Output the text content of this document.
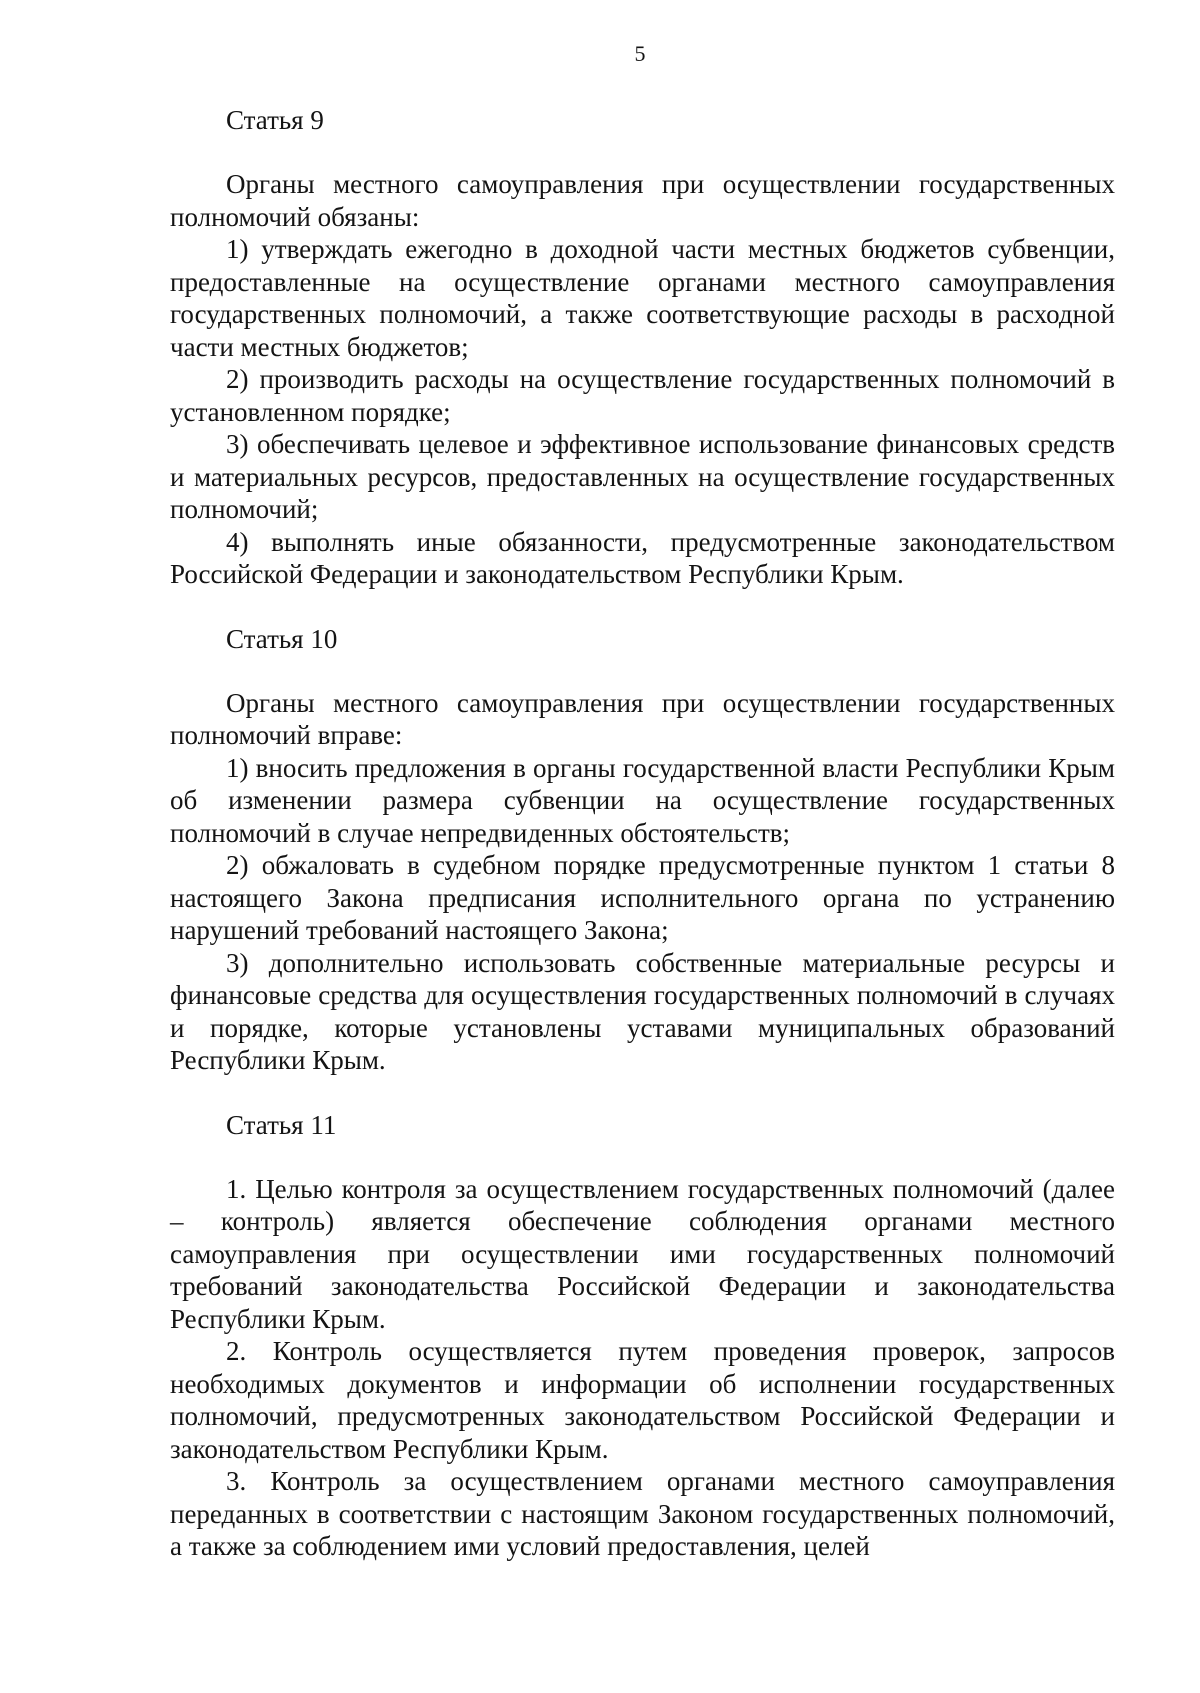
5
Статья 9

Органы местного самоуправления при осуществлении государственных полномочий обязаны:

1) утверждать ежегодно в доходной части местных бюджетов субвенции, предоставленные на осуществление органами местного самоуправления государственных полномочий, а также соответствующие расходы в расходной части местных бюджетов;

2) производить расходы на осуществление государственных полномочий в установленном порядке;

3) обеспечивать целевое и эффективное использование финансовых средств и материальных ресурсов, предоставленных на осуществление государственных полномочий;

4) выполнять иные обязанности, предусмотренные законодательством Российской Федерации и законодательством Республики Крым.

Статья 10

Органы местного самоуправления при осуществлении государственных полномочий вправе:

1) вносить предложения в органы государственной власти Республики Крым об изменении размера субвенции на осуществление государственных полномочий в случае непредвиденных обстоятельств;

2) обжаловать в судебном порядке предусмотренные пунктом 1 статьи 8 настоящего Закона предписания исполнительного органа по устранению нарушений требований настоящего Закона;

3) дополнительно использовать собственные материальные ресурсы и финансовые средства для осуществления государственных полномочий в случаях и порядке, которые установлены уставами муниципальных образований Республики Крым.

Статья 11

1. Целью контроля за осуществлением государственных полномочий (далее – контроль) является обеспечение соблюдения органами местного самоуправления при осуществлении ими государственных полномочий требований законодательства Российской Федерации и законодательства Республики Крым.

2. Контроль осуществляется путем проведения проверок, запросов необходимых документов и информации об исполнении государственных полномочий, предусмотренных законодательством Российской Федерации и законодательством Республики Крым.

3. Контроль за осуществлением органами местного самоуправления переданных в соответствии с настоящим Законом государственных полномочий, а также за соблюдением ими условий предоставления, целей
